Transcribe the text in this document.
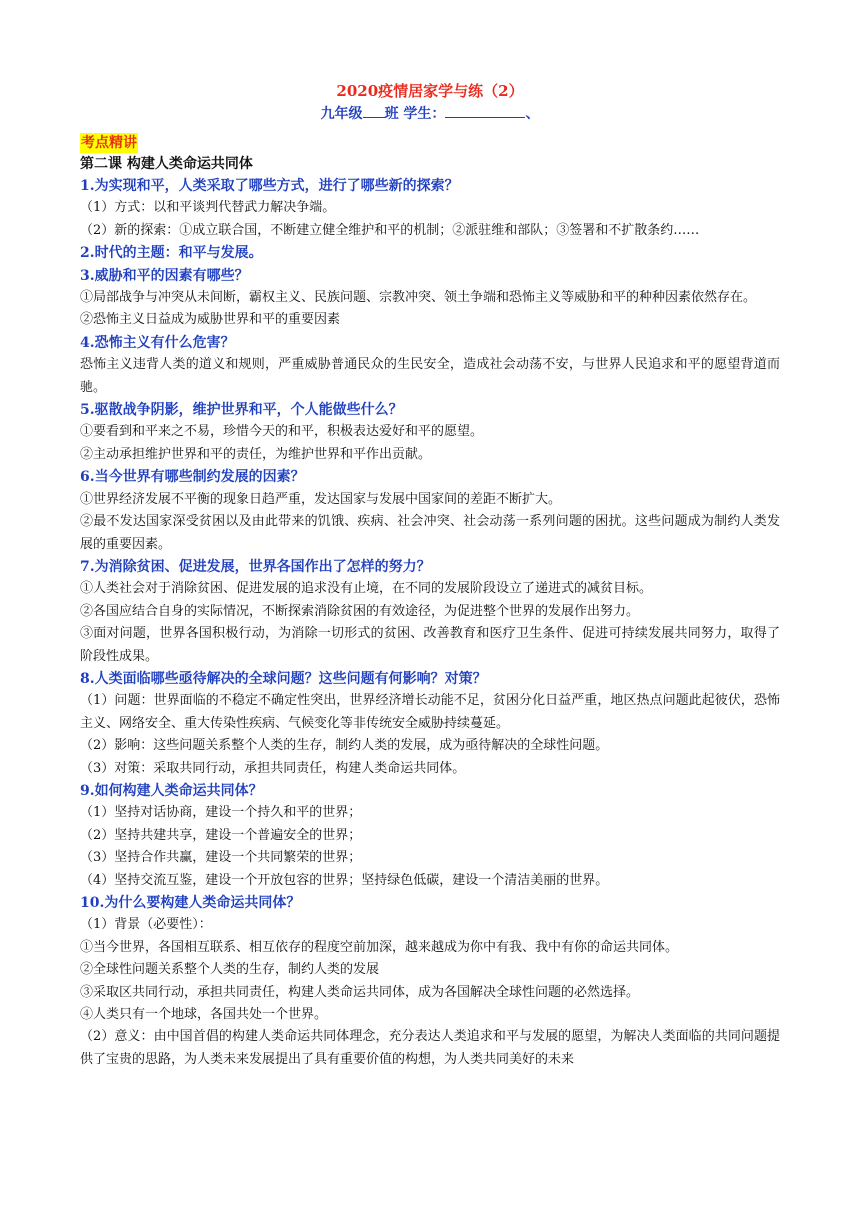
2020疫情居家学与练（2）
九年级 班 学生：	、
考点精讲
第二课 构建人类命运共同体
1.为实现和平，人类采取了哪些方式，进行了哪些新的探索？
（1）方式：以和平谈判代替武力解决争端。
（2）新的探索：①成立联合国，不断建立健全维护和平的机制；②派驻维和部队；③签署和不扩散条约……
2.时代的主题：和平与发展。
3.威胁和平的因素有哪些？
①局部战争与冲突从未间断，霸权主义、民族问题、宗教冲突、领土争端和恐怖主义等威胁和平的种种因素依然存在。
②恐怖主义日益成为威胁世界和平的重要因素
4.恐怖主义有什么危害？
恐怖主义违背人类的道义和规则，严重威胁普通民众的生民安全，造成社会动荡不安，与世界人民追求和平的愿望背道而驰。
5.驱散战争阴影，维护世界和平，个人能做些什么？
①要看到和平来之不易，珍惜今天的和平，积极表达爱好和平的愿望。
②主动承担维护世界和平的责任，为维护世界和平作出贡献。
6.当今世界有哪些制约发展的因素？
①世界经济发展不平衡的现象日趋严重，发达国家与发展中国家间的差距不断扩大。
②最不发达国家深受贫困以及由此带来的饥饿、疾病、社会冲突、社会动荡一系列问题的困扰。这些问题成为制约人类发展的重要因素。
7.为消除贫困、促进发展，世界各国作出了怎样的努力？
①人类社会对于消除贫困、促进发展的追求没有止境，在不同的发展阶段设立了递进式的减贫目标。
②各国应结合自身的实际情况，不断探索消除贫困的有效途径，为促进整个世界的发展作出努力。
③面对问题，世界各国积极行动，为消除一切形式的贫困、改善教育和医疗卫生条件、促进可持续发展共同努力，取得了阶段性成果。
8.人类面临哪些亟待解决的全球问题？这些问题有何影响？对策？
（1）问题：世界面临的不稳定不确定性突出，世界经济增长动能不足，贫困分化日益严重，地区热点问题此起彼伏，恐怖主义、网络安全、重大传染性疾病、气候变化等非传统安全威胁持续蔓延。
（2）影响：这些问题关系整个人类的生存，制约人类的发展，成为亟待解决的全球性问题。
（3）对策：采取共同行动，承担共同责任，构建人类命运共同体。
9.如何构建人类命运共同体？
（1）坚持对话协商，建设一个持久和平的世界；
（2）坚持共建共享，建设一个普遍安全的世界；
（3）坚持合作共赢，建设一个共同繁荣的世界；
（4）坚持交流互鉴，建设一个开放包容的世界；坚持绿色低碳，建设一个清洁美丽的世界。
10.为什么要构建人类命运共同体？
（1）背景（必要性）：
①当今世界，各国相互联系、相互依存的程度空前加深，越来越成为你中有我、我中有你的命运共同体。
②全球性问题关系整个人类的生存，制约人类的发展
③采取区共同行动，承担共同责任，构建人类命运共同体，成为各国解决全球性问题的必然选择。
④人类只有一个地球，各国共处一个世界。
（2）意义：由中国首倡的构建人类命运共同体理念，充分表达人类追求和平与发展的愿望，为解决人类面临的共同问题提供了宝贵的思路，为人类未来发展提出了具有重要价值的构想，为人类共同美好的未来
